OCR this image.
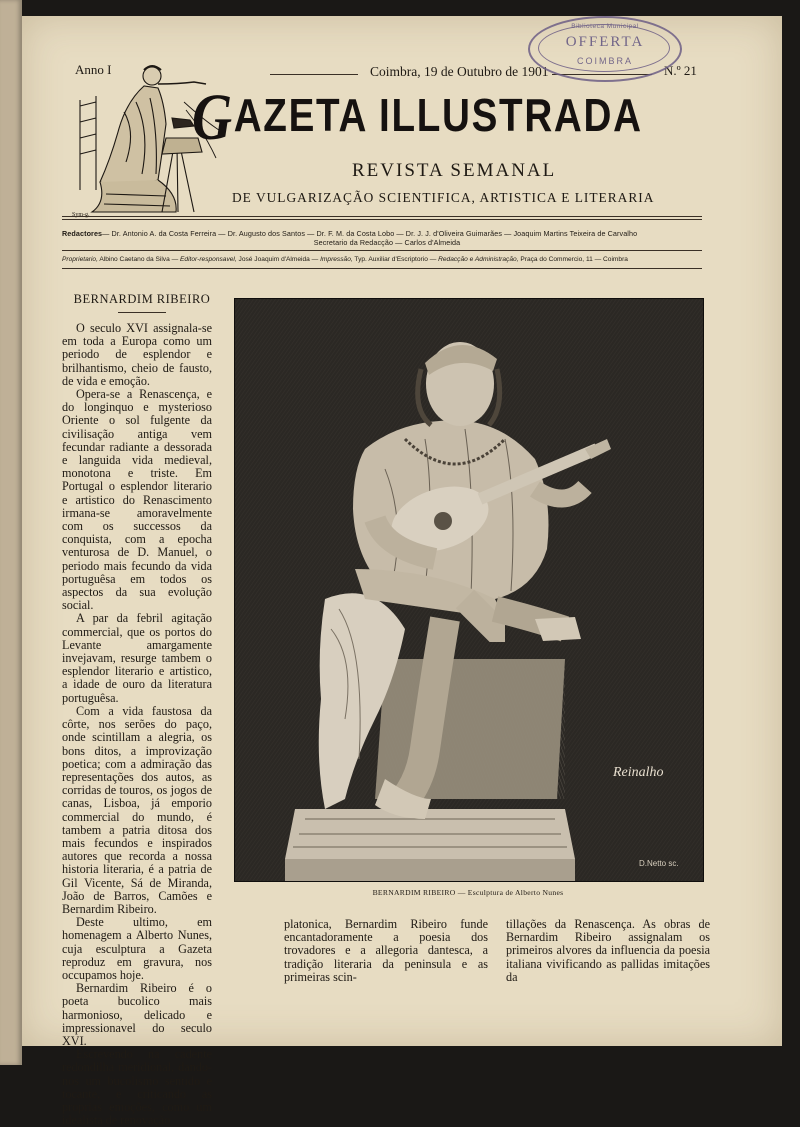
Sym-g.
Anno I	Coimbra, 19 de Outubro de 1901	N.º 21
Biblioteca Municipal
OFFERTA
COIMBRA
GAZETA ILLUSTRADA
REVISTA SEMANAL
DE VULGARIZAÇÃO SCIENTIFICA, ARTISTICA E LITERARIA
Redactores— Dr. Antonio A. da Costa Ferreira — Dr. Augusto dos Santos — Dr. F. M. da Costa Lobo — Dr. J. J. d'Oliveira Guimarães — Joaquim Martins Teixeira de Carvalho
Secretario da Redacção — Carlos d'Almeida
Proprietario, Albino Caetano da Silva — Editor-responsavel, José Joaquim d'Almeida — Impressão, Typ. Auxiliar d'Escriptorio — Redacção e Administração, Praça do Commercio, 11 — Coimbra
BERNARDIM RIBEIRO

O seculo XVI assignala-se em toda a Europa como um periodo de esplendor e brilhantismo, cheio de fausto, de vida e emoção.

Opera-se a Renascença, e do longinquo e mysterioso Oriente o sol fulgente da civilisação antiga vem fecundar radiante a dessorada e languida vida medieval, monotona e triste. Em Portugal o esplendor literario e artistico do Renascimento irmana-se amoravelmente com os successos da conquista, com a epocha venturosa de D. Manuel, o periodo mais fecundo da vida portuguêsa em todos os aspectos da sua evolução social.

A par da febril agitação commercial, que os portos do Levante amargamente invejavam, resurge tambem o esplendor literario e artistico, a idade de ouro da literatura portuguêsa.

Com a vida faustosa da côrte, nos serões do paço, onde scintillam a alegria, os bons ditos, a improvização poetica; com a admiração das representações dos autos, as corridas de touros, os jogos de canas, Lisboa, já emporio commercial do mundo, é tambem a patria ditosa dos mais fecundos e inspirados autores que recorda a nossa historia literaria, é a patria de Gil Vicente, Sá de Miranda, João de Barros, Camões e Bernardim Ribeiro.

Deste ultimo, em homenagem a Alberto Nunes, cuja esculptura a Gazeta reproduz em gravura, nos occupamos hoje.

Bernardim Ribeiro é o poeta bucolico mais harmonioso, delicado e impressionavel do seculo XVI.

Escrevendo na cadente redondilha meridional, dando-nos um bucolismo sentido e tocante, e criticando as proprias emoções, como um idealista de renovação

Reinalho
D.Netto sc.
BERNARDIM RIBEIRO — Esculptura de Alberto Nunes
platonica, Bernardim Ribeiro funde encantadoramente a poesia dos trovadores e a allegoria dantesca, a tradição literaria da peninsula e as primeiras scin-
tillações da Renascença. As obras de Bernardim Ribeiro assignalam os primeiros alvores da influencia da poesia italiana vivificando as pallidas imitações da
